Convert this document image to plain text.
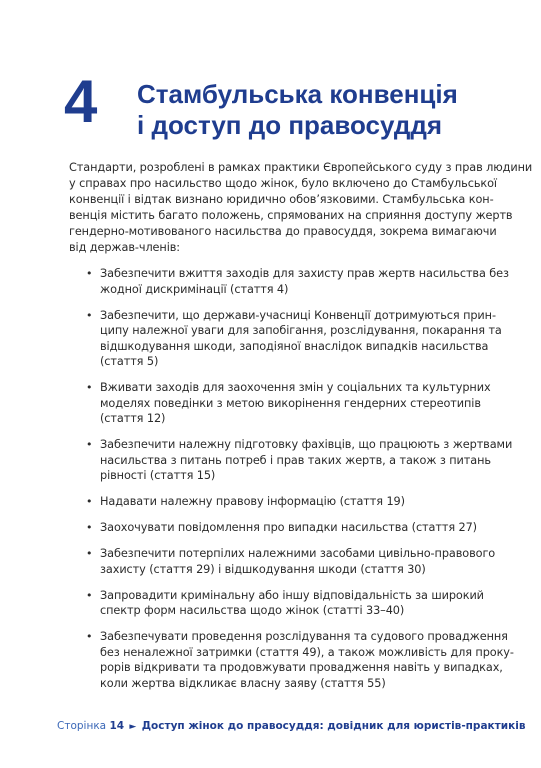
4 Стамбульська конвенція
і доступ до правосуддя

Стандарти, розроблені в рамках практики Європейського суду з прав людини
у справах про насильство щодо жінок, було включено до Стамбульської
конвенції і відтак визнано юридично обов’язковими. Стамбульська кон-
венція містить багато положень, спрямованих на сприяння доступу жертв
гендерно-мотивованого насильства до правосуддя, зокрема вимагаючи
від держав-членів:

• Забезпечити вжиття заходів для захисту прав жертв насильства без
жодної дискримінації (стаття 4)
• Забезпечити, що держави-учасниці Конвенції дотримуються прин-
ципу належної уваги для запобігання, розслідування, покарання та
відшкодування шкоди, заподіяної внаслідок випадків насильства
(стаття 5)
• Вживати заходів для заохочення змін у соціальних та культурних
моделях поведінки з метою викорінення гендерних стереотипів
(стаття 12)
• Забезпечити належну підготовку фахівців, що працюють з жертвами
насильства з питань потреб і прав таких жертв, а також з питань
рівності (стаття 15)
• Надавати належну правову інформацію (стаття 19)
• Заохочувати повідомлення про випадки насильства (стаття 27)
• Забезпечити потерпілих належними засобами цивільно-правового
захисту (стаття 29) і відшкодування шкоди (стаття 30)
• Запровадити кримінальну або іншу відповідальність за широкий
спектр форм насильства щодо жінок (статті 33–40)
• Забезпечувати проведення розслідування та судового провадження
без неналежної затримки (стаття 49), а також можливість для проку-
рорів відкривати та продовжувати провадження навіть у випадках,
коли жертва відкликає власну заяву (стаття 55)
Сторінка 14 ► Доступ жінок до правосуддя: довідник для юристів-практиків
